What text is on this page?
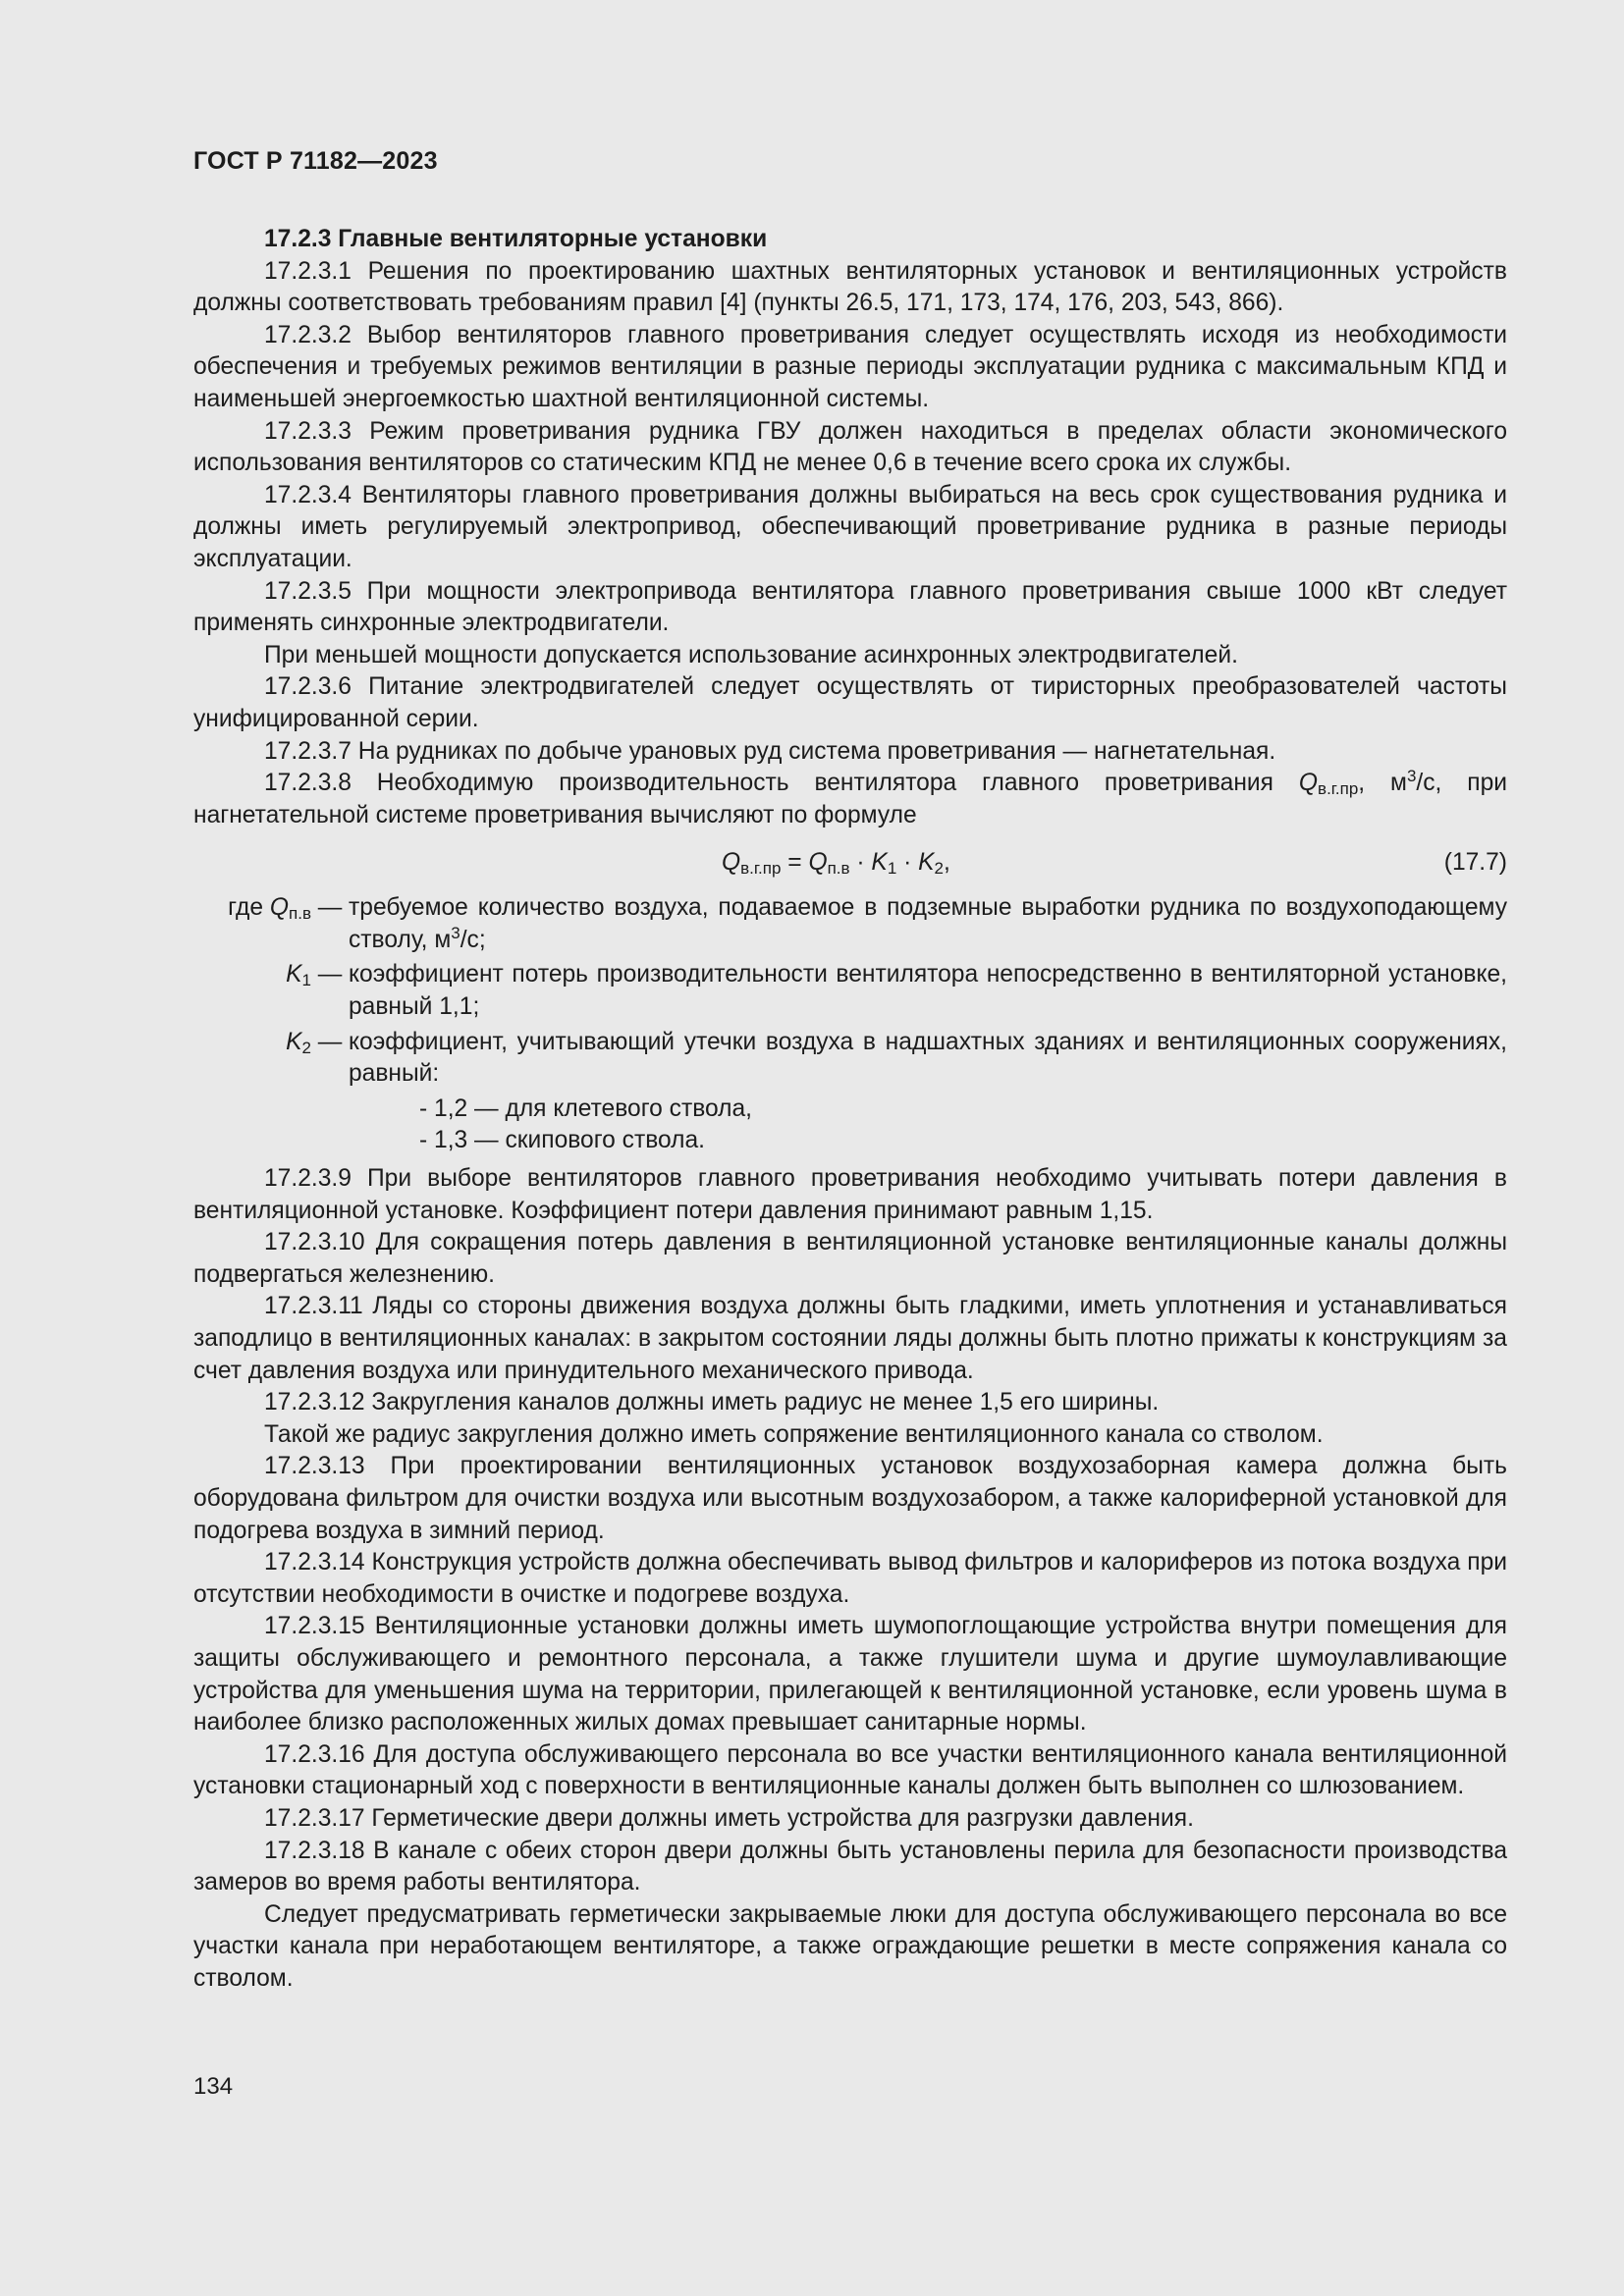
ГОСТ Р 71182—2023

17.2.3 Главные вентиляторные установки

17.2.3.1 Решения по проектированию шахтных вентиляторных установок и вентиляционных устройств должны соответствовать требованиям правил [4] (пункты 26.5, 171, 173, 174, 176, 203, 543, 866).

17.2.3.2 Выбор вентиляторов главного проветривания следует осуществлять исходя из необходимости обеспечения и требуемых режимов вентиляции в разные периоды эксплуатации рудника с максимальным КПД и наименьшей энергоемкостью шахтной вентиляционной системы.

17.2.3.3 Режим проветривания рудника ГВУ должен находиться в пределах области экономического использования вентиляторов со статическим КПД не менее 0,6 в течение всего срока их службы.

17.2.3.4 Вентиляторы главного проветривания должны выбираться на весь срок существования рудника и должны иметь регулируемый электропривод, обеспечивающий проветривание рудника в разные периоды эксплуатации.

17.2.3.5 При мощности электропривода вентилятора главного проветривания свыше 1000 кВт следует применять синхронные электродвигатели.

При меньшей мощности допускается использование асинхронных электродвигателей.

17.2.3.6 Питание электродвигателей следует осуществлять от тиристорных преобразователей частоты унифицированной серии.

17.2.3.7 На рудниках по добыче урановых руд система проветривания — нагнетательная.

17.2.3.8 Необходимую производительность вентилятора главного проветривания $Q_{в.г.пр}$, $м^3/с$, при нагнетательной системе проветривания вычисляют по формуле

$Q_{в.г.пр} = Q_{п.в} \cdot K_1 \cdot K_2$,	(17.7)
где $Q_{п.в}$ — требуемое количество воздуха, подаваемое в подземные выработки рудника по воздухоподающему стволу, $м^3/с$;
$K_1$ — коэффициент потерь производительности вентилятора непосредственно в вентиляторной установке, равный 1,1;
$K_2$ — коэффициент, учитывающий утечки воздуха в надшахтных зданиях и вентиляционных сооружениях, равный:

- 1,2 — для клетевого ствола,

- 1,3 — скипового ствола.

17.2.3.9 При выборе вентиляторов главного проветривания необходимо учитывать потери давления в вентиляционной установке. Коэффициент потери давления принимают равным 1,15.

17.2.3.10 Для сокращения потерь давления в вентиляционной установке вентиляционные каналы должны подвергаться железнению.

17.2.3.11 Ляды со стороны движения воздуха должны быть гладкими, иметь уплотнения и устанавливаться заподлицо в вентиляционных каналах: в закрытом состоянии ляды должны быть плотно прижаты к конструкциям за счет давления воздуха или принудительного механического привода.

17.2.3.12 Закругления каналов должны иметь радиус не менее 1,5 его ширины.

Такой же радиус закругления должно иметь сопряжение вентиляционного канала со стволом.

17.2.3.13 При проектировании вентиляционных установок воздухозаборная камера должна быть оборудована фильтром для очистки воздуха или высотным воздухозабором, а также калориферной установкой для подогрева воздуха в зимний период.

17.2.3.14 Конструкция устройств должна обеспечивать вывод фильтров и калориферов из потока воздуха при отсутствии необходимости в очистке и подогреве воздуха.

17.2.3.15 Вентиляционные установки должны иметь шумопоглощающие устройства внутри помещения для защиты обслуживающего и ремонтного персонала, а также глушители шума и другие шумоулавливающие устройства для уменьшения шума на территории, прилегающей к вентиляционной установке, если уровень шума в наиболее близко расположенных жилых домах превышает санитарные нормы.

17.2.3.16 Для доступа обслуживающего персонала во все участки вентиляционного канала вентиляционной установки стационарный ход с поверхности в вентиляционные каналы должен быть выполнен со шлюзованием.

17.2.3.17 Герметические двери должны иметь устройства для разгрузки давления.

17.2.3.18 В канале с обеих сторон двери должны быть установлены перила для безопасности производства замеров во время работы вентилятора.

Следует предусматривать герметически закрываемые люки для доступа обслуживающего персонала во все участки канала при неработающем вентиляторе, а также ограждающие решетки в месте сопряжения канала со стволом.

134
